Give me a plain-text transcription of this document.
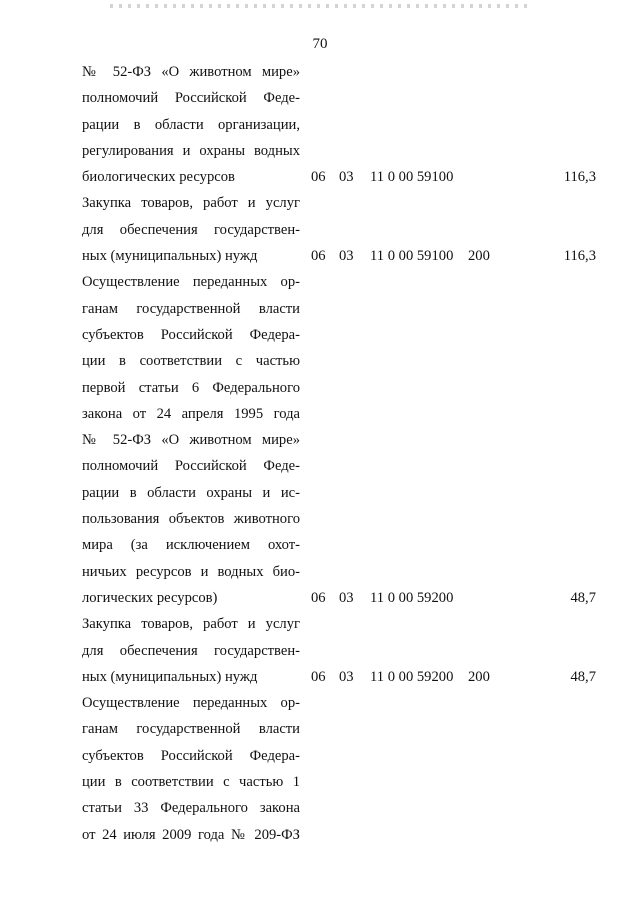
70
№ 52-ФЗ «О животном мире»
полномочий Российской Феде-
рации в области организации,
регулирования и охраны водных
биологических ресурсов	06 03 11 0 00 59100	116,3
Закупка товаров, работ и услуг
для обеспечения государствен-
ных (муниципальных) нужд	06 03 11 0 00 59100 200	116,3
Осуществление переданных ор-
ганам государственной власти
субъектов Российской Федера-
ции в соответствии с частью
первой статьи 6 Федерального
закона от 24 апреля 1995 года
№ 52-ФЗ «О животном мире»
полномочий Российской Феде-
рации в области охраны и ис-
пользования объектов животного
мира (за исключением охот-
ничьих ресурсов и водных био-
логических ресурсов)	06 03 11 0 00 59200	48,7
Закупка товаров, работ и услуг
для обеспечения государствен-
ных (муниципальных) нужд	06 03 11 0 00 59200 200	48,7
Осуществление переданных ор-
ганам государственной власти
субъектов Российской Федера-
ции в соответствии с частью 1
статьи 33 Федерального закона
от 24 июля 2009 года № 209-ФЗ
